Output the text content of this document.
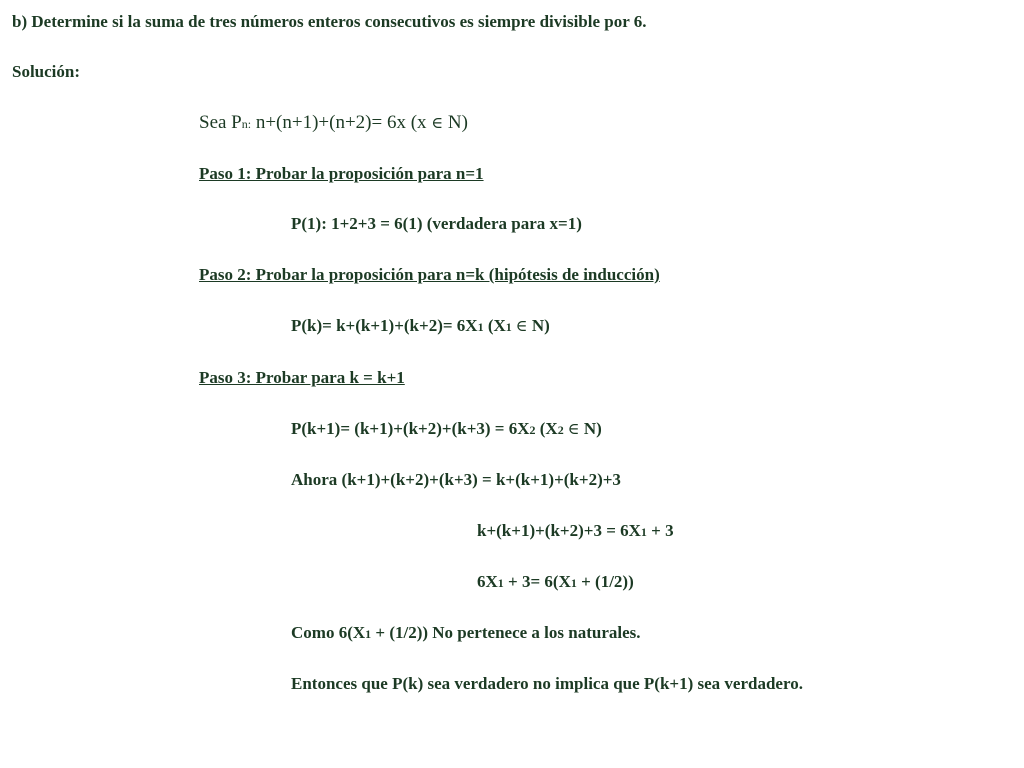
b) Determine si la suma de tres números enteros consecutivos es siempre divisible por 6.
Solución:
Sea Pn: n+(n+1)+(n+2)= 6x (x ∈ N)
Paso 1: Probar la proposición para n=1
P(1): 1+2+3 = 6(1) (verdadera para x=1)
Paso 2: Probar la proposición para n=k (hipótesis de inducción)
P(k)= k+(k+1)+(k+2)= 6X1 (X1 ∈ N)
Paso 3: Probar para k = k+1
P(k+1)= (k+1)+(k+2)+(k+3) = 6X2 (X2 ∈ N)
Ahora (k+1)+(k+2)+(k+3) = k+(k+1)+(k+2)+3
k+(k+1)+(k+2)+3 = 6X1 + 3
6X1 + 3= 6(X1 + (1/2))
Como 6(X1 + (1/2)) No pertenece a los naturales.
Entonces que P(k) sea verdadero no implica que P(k+1) sea verdadero.
